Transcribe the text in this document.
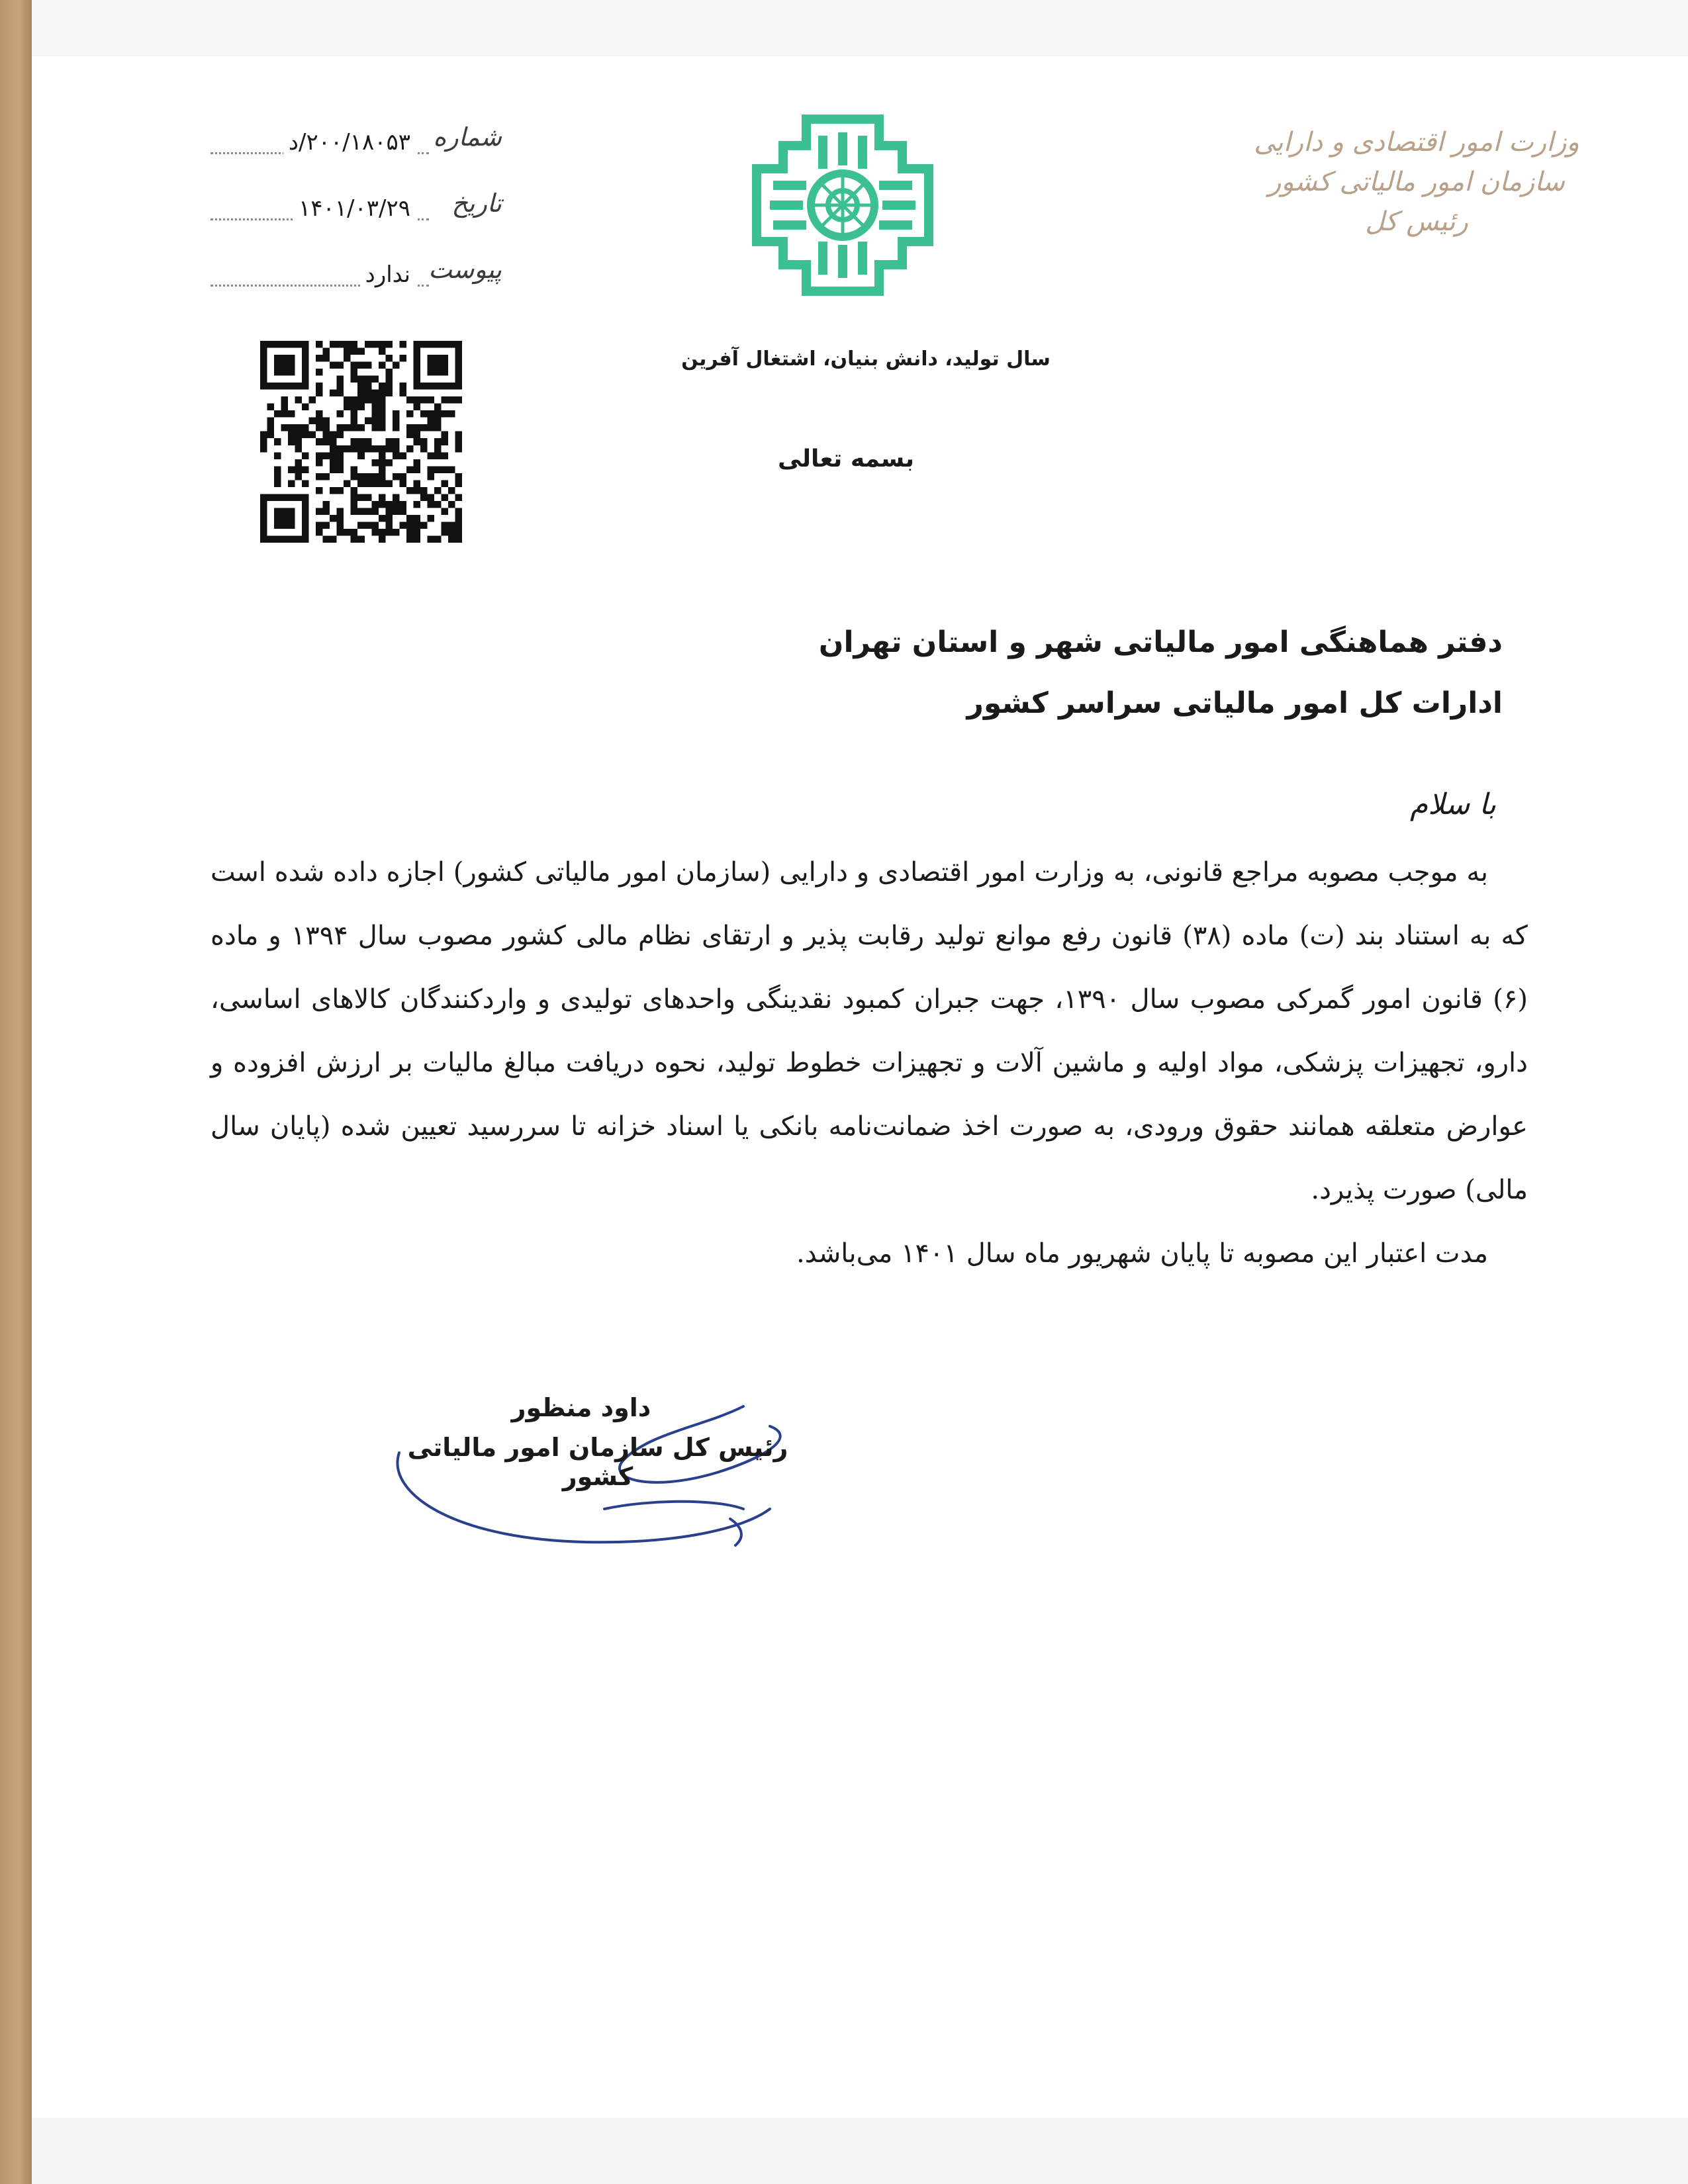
وزارت امور اقتصادی و دارایی
سازمان امور مالیاتی کشور
رئیس کل
سال تولید، دانش بنیان، اشتغال آفرین
بسمه تعالی
شماره
۲۰۰/۱۸۰۵۳/د
تاریخ
۱۴۰۱/۰۳/۲۹
پیوست
ندارد
دفتر هماهنگی امور مالیاتی شهر و استان تهران
ادارات کل امور مالیاتی سراسر کشور
با سلام

به موجب مصوبه مراجع قانونی، به وزارت امور اقتصادی و دارایی (سازمان امور مالیاتی کشور) اجازه داده شده است که به استناد بند (ت) ماده (۳۸) قانون رفع موانع تولید رقابت پذیر و ارتقای نظام مالی کشور مصوب سال ۱۳۹۴ و ماده (۶) قانون امور گمرکی مصوب سال ۱۳۹۰، جهت جبران کمبود نقدینگی واحدهای تولیدی و واردکنندگان کالاهای اساسی، دارو، تجهیزات پزشکی، مواد اولیه و ماشین آلات و تجهیزات خطوط تولید، نحوه دریافت مبالغ مالیات بر ارزش افزوده و عوارض متعلقه همانند حقوق ورودی، به صورت اخذ ضمانت‌نامه بانکی یا اسناد خزانه تا سررسید تعیین شده (پایان سال مالی) صورت پذیرد.

مدت اعتبار این مصوبه تا پایان شهریور ماه سال ۱۴۰۱ می‌باشد.

داود منظور
رئیس کل سازمان امور مالیاتی کشور
